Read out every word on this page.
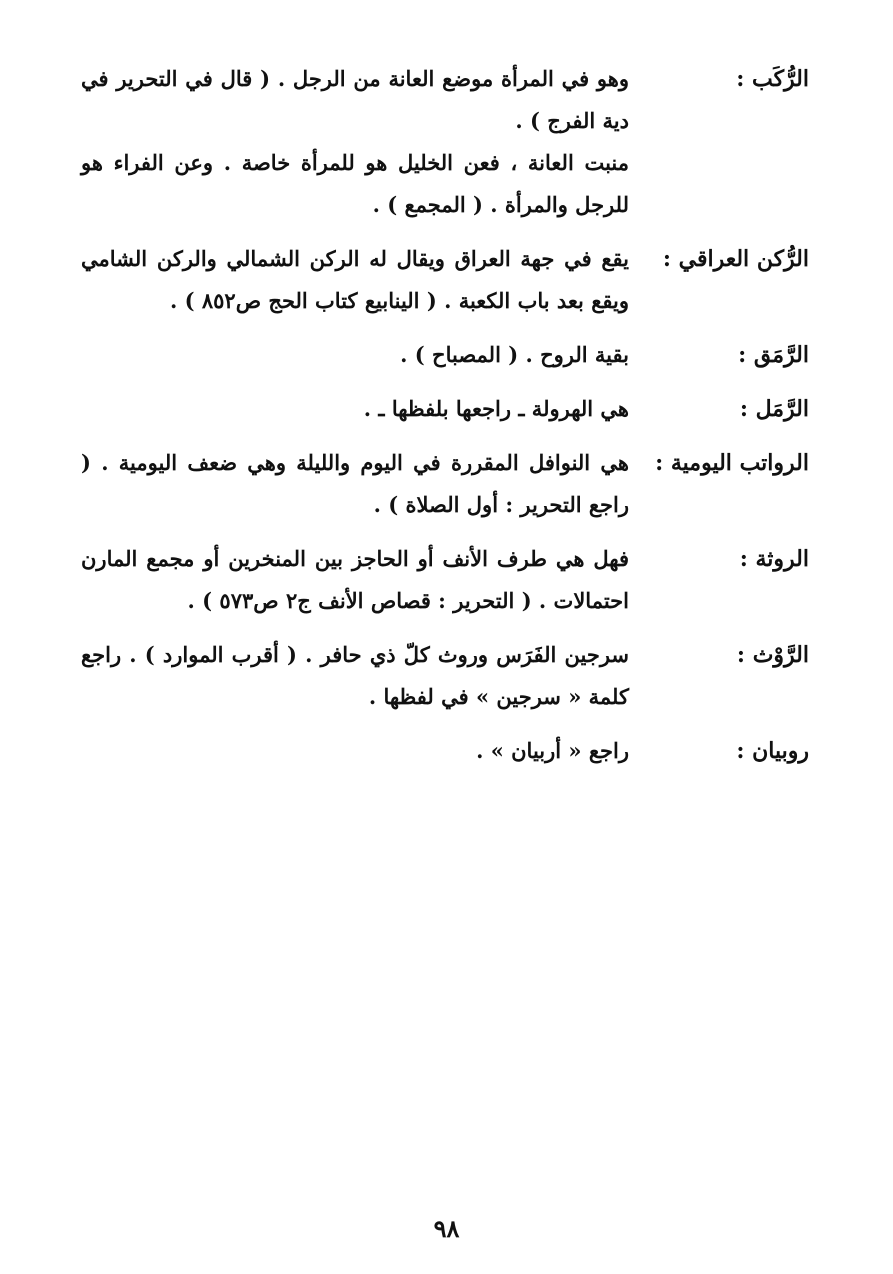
الرُّكَب :

وهو في المرأة موضع العانة من الرجل . ( قال في التحرير في دية الفرج ) .

منبت العانة ، فعن الخليل هو للمرأة خاصة . وعن الفراء هو للرجل والمرأة . ( المجمع ) .

الرُّكن العراقي :

يقع في جهة العراق ويقال له الركن الشمالي والركن الشامي ويقع بعد باب الكعبة . ( الينابيع كتاب الحج ص٨٥٢ ) .

الرَّمَق :

بقية الروح . ( المصباح ) .

الرَّمَل :

هي الهرولة ـ راجعها بلفظها ـ .

الرواتب اليومية :

هي النوافل المقررة في اليوم والليلة وهي ضعف اليومية . ( راجع التحرير : أول الصلاة ) .

الروثة :

فهل هي طرف الأنف أو الحاجز بين المنخرين أو مجمع المارن احتمالات . ( التحرير : قصاص الأنف ج٢ ص٥٧٣ ) .

الرَّوْث :

سرجين الفَرَس وروث كلّ ذي حافر . ( أقرب الموارد ) . راجع كلمة « سرجين » في لفظها .

روبيان :

راجع « أربيان » .

٩٨
